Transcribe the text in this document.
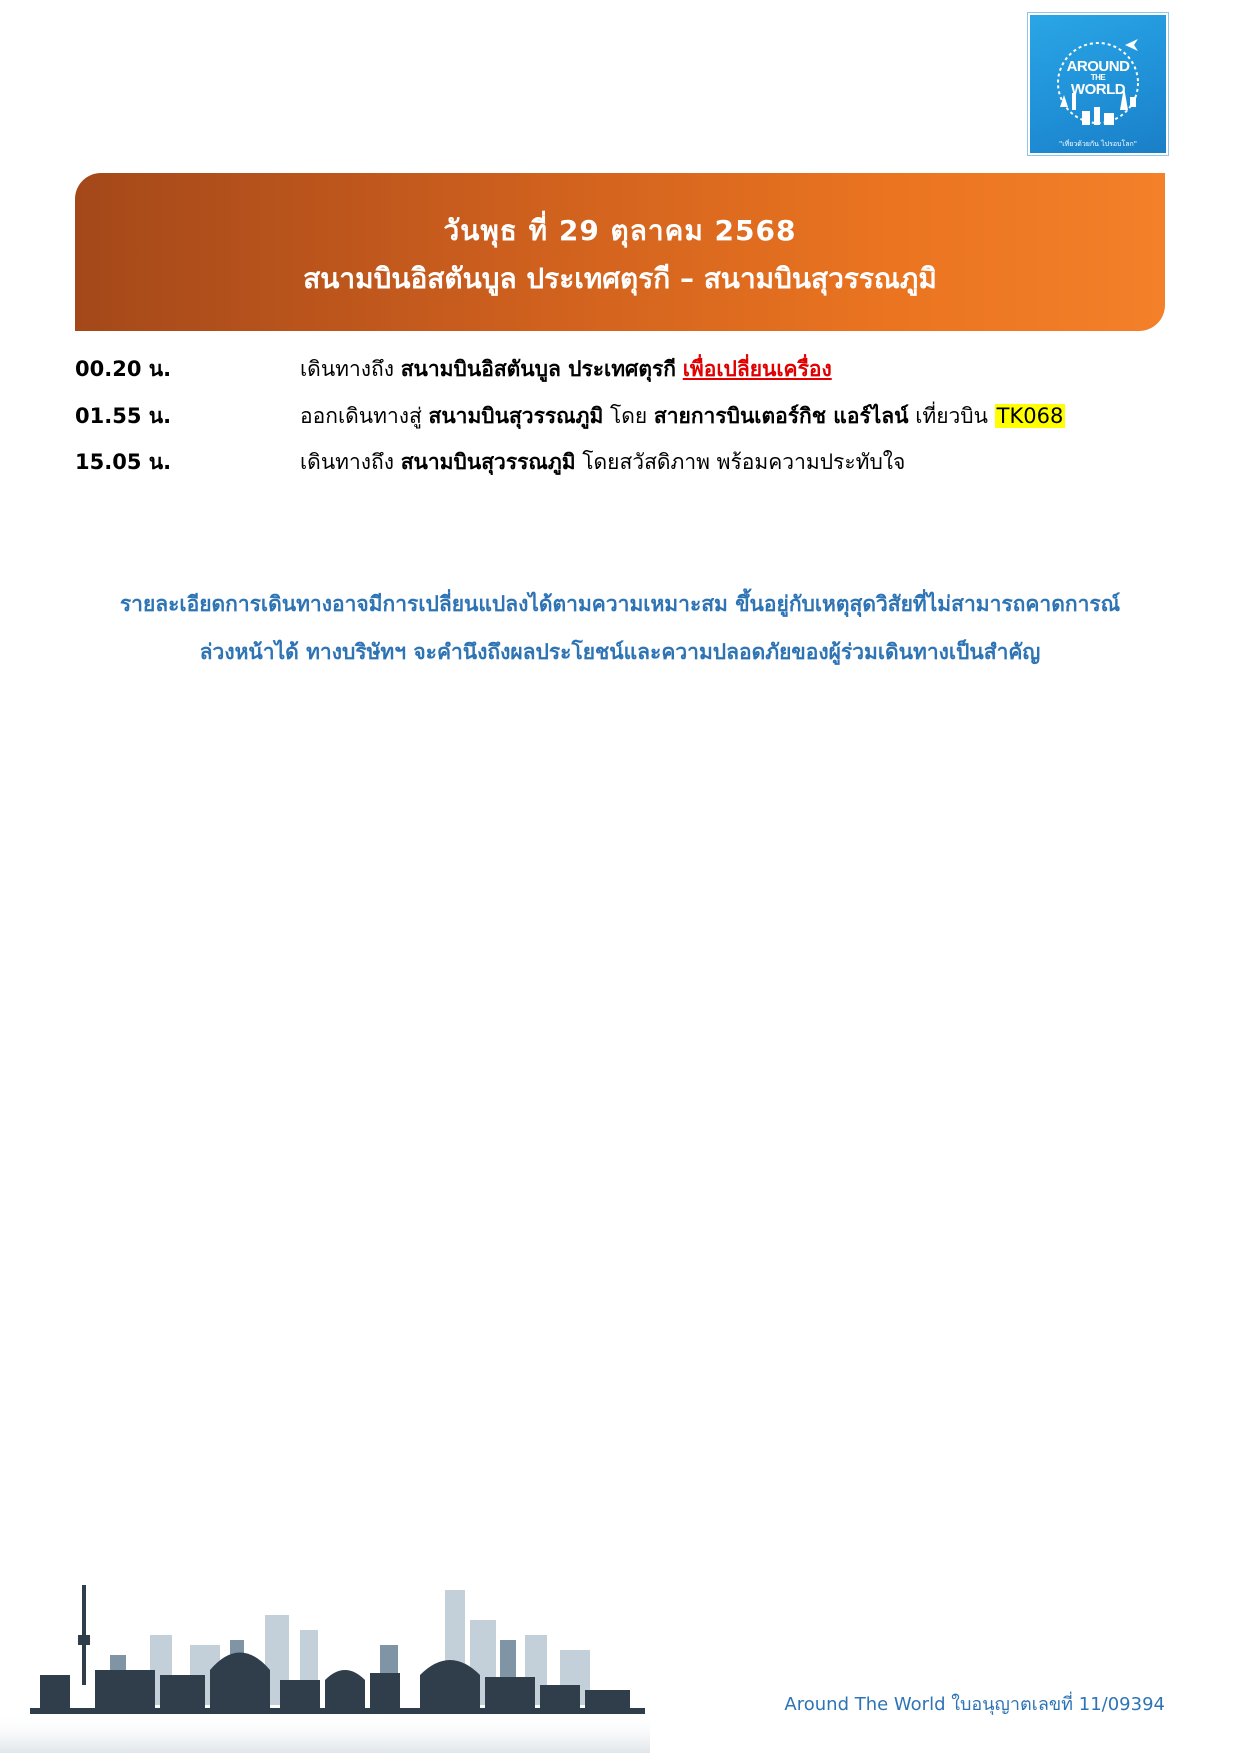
AROUND
THE
WORLD
"เที่ยวด้วยกัน ไปรอบโลก"
วันพุธ ที่ 29 ตุลาคม 2568
สนามบินอิสตันบูล ประเทศตุรกี – สนามบินสุวรรณภูมิ
00.20 น.	เดินทางถึง สนามบินอิสตันบูล ประเทศตุรกี เพื่อเปลี่ยนเครื่อง
01.55 น.	ออกเดินทางสู่ สนามบินสุวรรณภูมิ โดย สายการบินเตอร์กิช แอร์ไลน์ เที่ยวบิน TK068
15.05 น.	เดินทางถึง สนามบินสุวรรณภูมิ โดยสวัสดิภาพ พร้อมความประทับใจ
รายละเอียดการเดินทางอาจมีการเปลี่ยนแปลงได้ตามความเหมาะสม ขึ้นอยู่กับเหตุสุดวิสัยที่ไม่สามารถคาดการณ์
ล่วงหน้าได้ ทางบริษัทฯ จะคำนึงถึงผลประโยชน์และความปลอดภัยของผู้ร่วมเดินทางเป็นสำคัญ
Around The World ใบอนุญาตเลขที่ 11/09394
